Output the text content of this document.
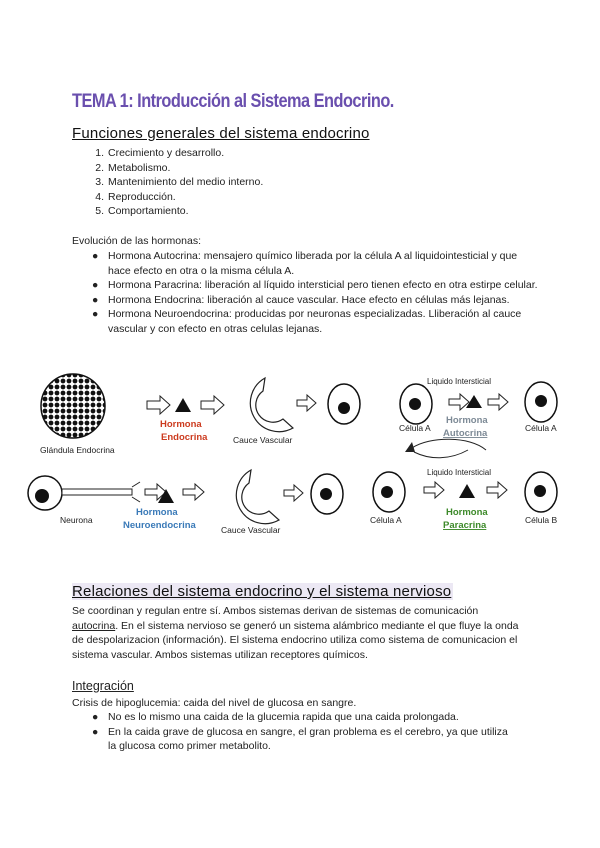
TEMA 1: Introducción al Sistema Endocrino.
Funciones generales del sistema endocrino
1. Crecimiento y desarrollo.
2. Metabolismo.
3. Mantenimiento del medio interno.
4. Reproducción.
5. Comportamiento.
Evolución de las hormonas:
● Hormona Autocrina: mensajero químico liberada por la célula A al liquidointesticial y que hace efecto en otra o la misma célula A.
● Hormona Paracrina: liberación al líquido intersticial pero tienen efecto en otra estirpe celular.
● Hormona Endocrina: liberación al cauce vascular. Hace efecto en células más lejanas.
● Hormona Neuroendocrina: producidas por neuronas especializadas. Lliberación al cauce vascular y con efecto en otras celulas lejanas.
Glándula Endocrina
Hormona
Endocrina	Cauce Vascular
Célula A
Liquido Intersticial
Hormona
Autocrina	Célula A
Neurona
Hormona
Neuroendocrina	Cauce Vascular
Célula A
Liquido Intersticial
Hormona
Paracrina	Célula B
Relaciones del sistema endocrino y el sistema nervioso
Se coordinan y regulan entre sí. Ambos sistemas derivan de sistemas de comunicación autocrina. En el sistema nervioso se generó un sistema alámbrico mediante el que fluye la onda de despolarizacion (información). El sistema endocrino utiliza como sistema de comunicacion el sistema vascular. Ambos sistemas utilizan receptores químicos.
Integración
Crisis de hipoglucemia: caida del nivel de glucosa en sangre.
● No es lo mismo una caida de la glucemia rapida que una caida prolongada.
● En la caida grave de glucosa en sangre, el gran problema es el cerebro, ya que utiliza la glucosa como primer metabolito.
